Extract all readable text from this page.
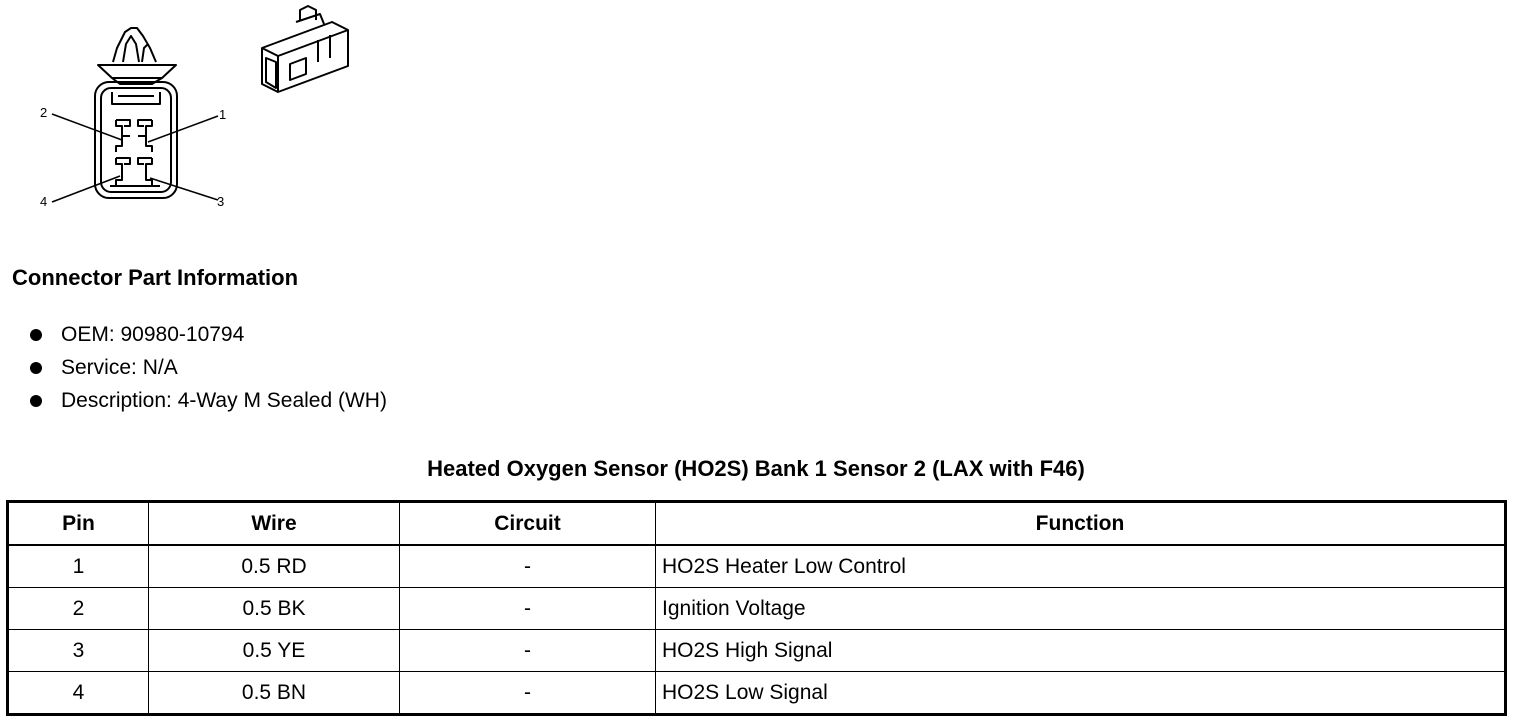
1
2
3
4
Connector Part Information
OEM: 90980-10794
Service: N/A
Description: 4-Way M Sealed (WH)
Heated Oxygen Sensor (HO2S) Bank 1 Sensor 2 (LAX with F46)
Pin	Wire	Circuit	Function
1	0.5 RD	-	HO2S Heater Low Control
2	0.5 BK	-	Ignition Voltage
3	0.5 YE	-	HO2S High Signal
4	0.5 BN	-	HO2S Low Signal
